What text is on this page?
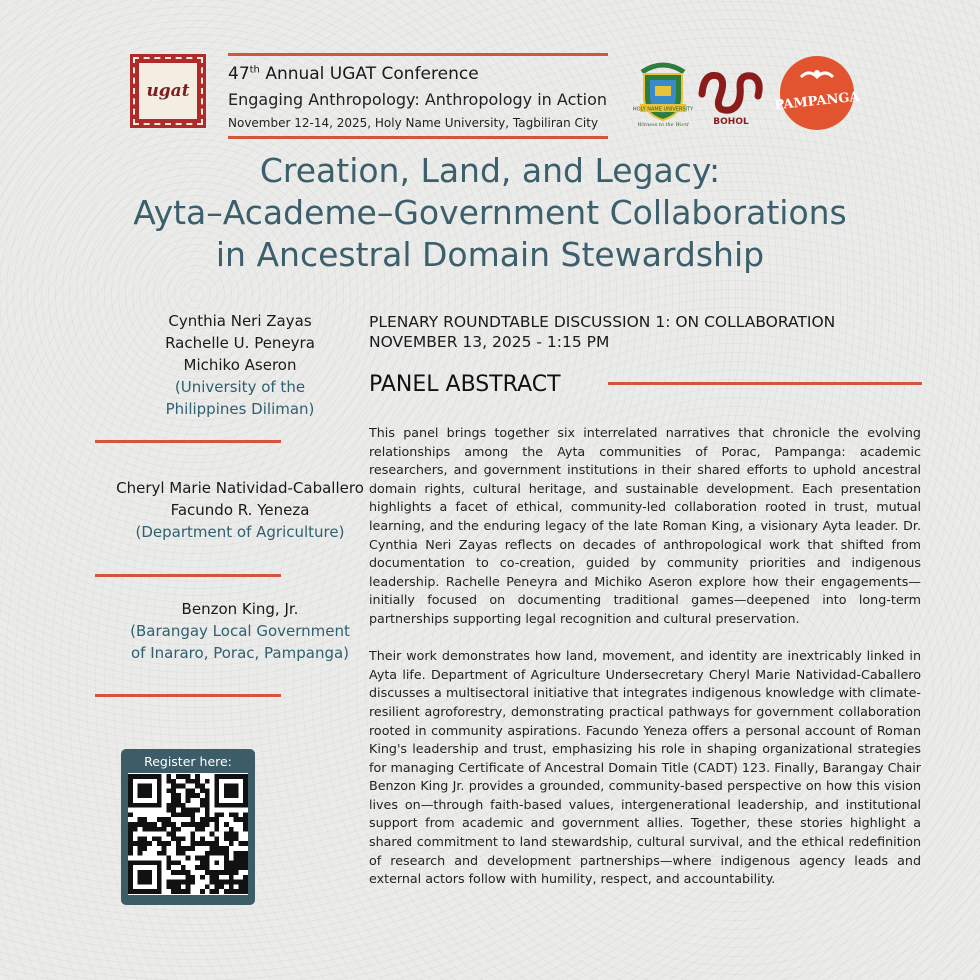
ugat
47th Annual UGAT Conference
Engaging Anthropology: Anthropology in Action
November 12-14, 2025, Holy Name University, Tagbiliran City
HOLY NAME UNIVERSITY
Witness to the Word	BOHOL
PAMPANGA
Creation, Land, and Legacy:
Ayta–Academe–Government Collaborations
in Ancestral Domain Stewardship
Cynthia Neri Zayas
Rachelle U. Peneyra
Michiko Aseron
(University of the
Philippines Diliman)
Cheryl Marie Natividad-Caballero
Facundo R. Yeneza
(Department of Agriculture)
Benzon King, Jr.
(Barangay Local Government
of Inararo, Porac, Pampanga)
Register here:
PLENARY ROUNDTABLE DISCUSSION 1: ON COLLABORATION
NOVEMBER 13, 2025 - 1:15 PM
PANEL ABSTRACT

This panel brings together six interrelated narratives that chronicle the evolving relationships among the Ayta communities of Porac, Pampanga: academic researchers, and government institutions in their shared efforts to uphold ancestral domain rights, cultural heritage, and sustainable development. Each presentation highlights a facet of ethical, community-led collaboration rooted in trust, mutual learning, and the enduring legacy of the late Roman King, a visionary Ayta leader. Dr. Cynthia Neri Zayas reflects on decades of anthropological work that shifted from documentation to co-creation, guided by community priorities and indigenous leadership. Rachelle Peneyra and Michiko Aseron explore how their engagements—initially focused on documenting traditional games—deepened into long-term partnerships supporting legal recognition and cultural preservation.

Their work demonstrates how land, movement, and identity are inextricably linked in Ayta life. Department of Agriculture Undersecretary Cheryl Marie Natividad-Caballero discusses a multisectoral initiative that integrates indigenous knowledge with climate-resilient agroforestry, demonstrating practical pathways for government collaboration rooted in community aspirations. Facundo Yeneza offers a personal account of Roman King's leadership and trust, emphasizing his role in shaping organizational strategies for managing Certificate of Ancestral Domain Title (CADT) 123. Finally, Barangay Chair Benzon King Jr. provides a grounded, community-based perspective on how this vision lives on—through faith-based values, intergenerational leadership, and institutional support from academic and government allies. Together, these stories highlight a shared commitment to land stewardship, cultural survival, and the ethical redefinition of research and development partnerships—where indigenous agency leads and external actors follow with humility, respect, and accountability.
